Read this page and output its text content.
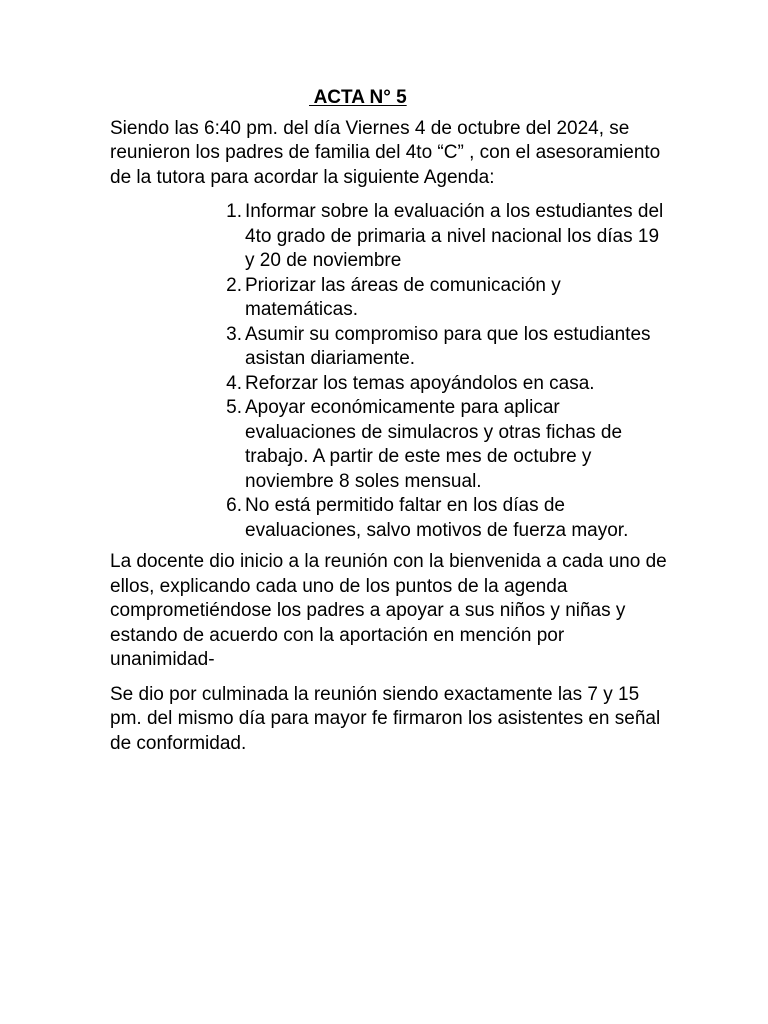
ACTA N° 5

Siendo las 6:40 pm. del día Viernes 4 de octubre del 2024, se reunieron los padres de familia del 4to “C” , con el asesoramiento de la tutora para acordar la siguiente Agenda:

1. Informar sobre la evaluación a los estudiantes del 4to grado de primaria a nivel nacional los días 19 y 20 de noviembre
2. Priorizar las áreas de comunicación y matemáticas.
3. Asumir su compromiso para que los estudiantes asistan diariamente.
4. Reforzar los temas apoyándolos en casa.
5. Apoyar económicamente para aplicar evaluaciones de simulacros y otras fichas de trabajo. A partir de este mes de octubre y noviembre 8 soles mensual.
6. No está permitido faltar en los días de evaluaciones, salvo motivos de fuerza mayor.

La docente dio inicio a la reunión con la bienvenida a cada uno de ellos, explicando cada uno de los puntos de la agenda comprometiéndose los padres a apoyar a sus niños y niñas y estando de acuerdo con la aportación en mención por unanimidad-

Se dio por culminada la reunión siendo exactamente las 7 y 15 pm. del mismo día para mayor fe firmaron los asistentes en señal de conformidad.
